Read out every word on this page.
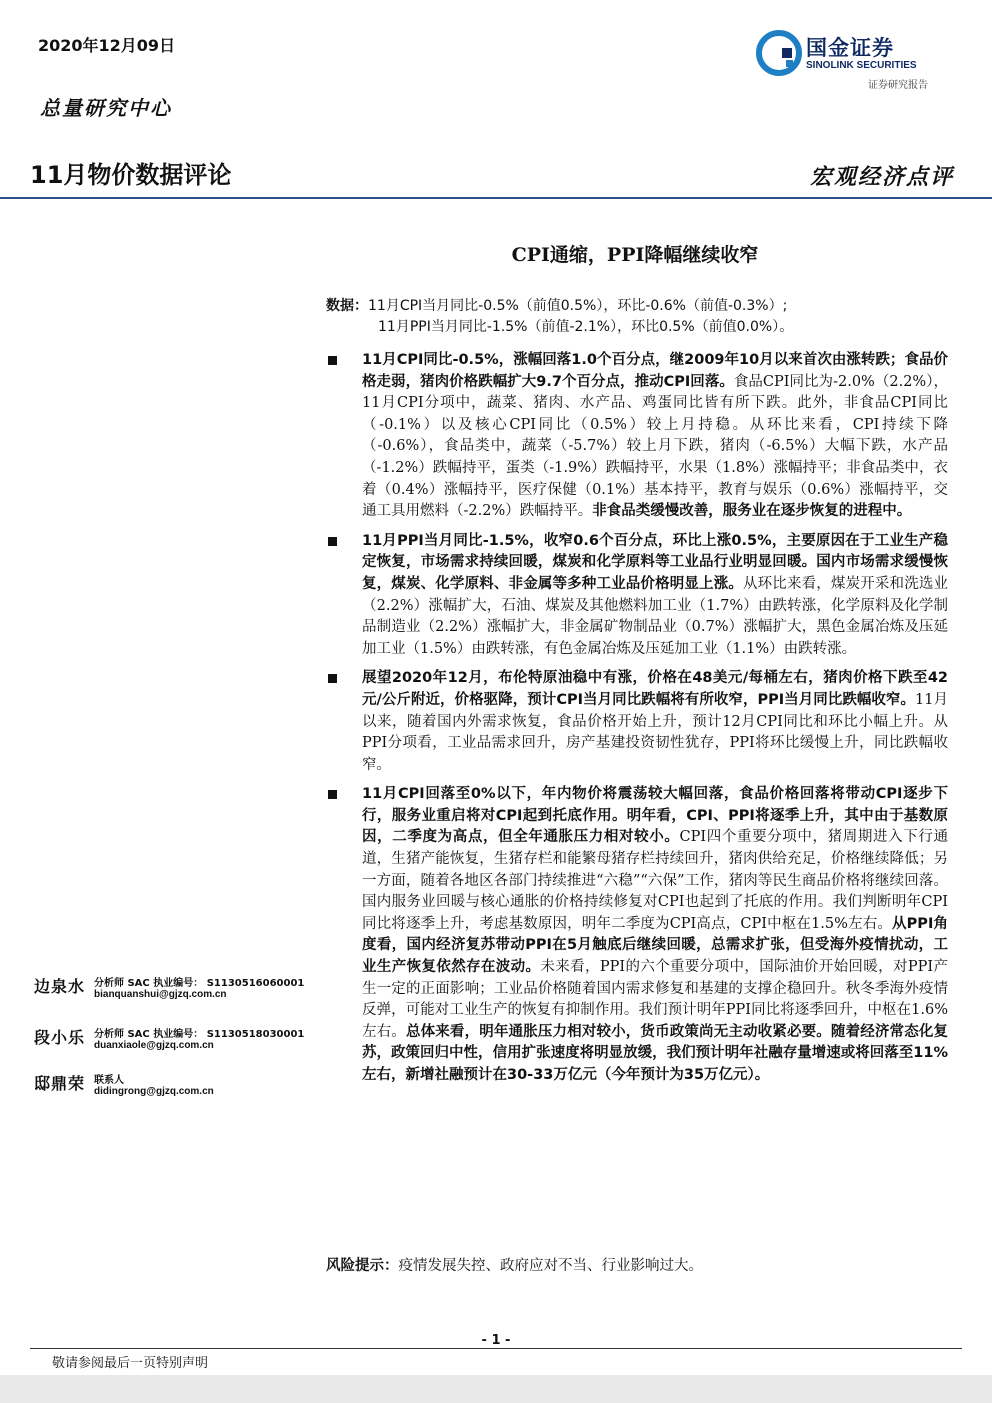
2020年12月09日
总量研究中心
国金证券
SINOLINK SECURITIES
证券研究报告
11月物价数据评论	宏观经济点评
CPI通缩，PPI降幅继续收窄
数据：11月CPI当月同比-0.5%（前值0.5%），环比-0.6%（前值-0.3%）;
11月PPI当月同比-1.5%（前值-2.1%），环比0.5%（前值0.0%）。
11月CPI同比-0.5%，涨幅回落1.0个百分点，继2009年10月以来首次由涨转跌；食品价格走弱，猪肉价格跌幅扩大9.7个百分点，推动CPI回落。食品CPI同比为-2.0%（2.2%），11月CPI分项中，蔬菜、猪肉、水产品、鸡蛋同比皆有所下跌。此外，非食品CPI同比（-0.1%）以及核心CPI同比（0.5%）较上月持稳。从环比来看，CPI持续下降（-0.6%），食品类中，蔬菜（-5.7%）较上月下跌，猪肉（-6.5%）大幅下跌，水产品（-1.2%）跌幅持平，蛋类（-1.9%）跌幅持平，水果（1.8%）涨幅持平；非食品类中，衣着（0.4%）涨幅持平，医疗保健（0.1%）基本持平，教育与娱乐（0.6%）涨幅持平，交通工具用燃料（-2.2%）跌幅持平。非食品类缓慢改善，服务业在逐步恢复的进程中。
11月PPI当月同比-1.5%，收窄0.6个百分点，环比上涨0.5%，主要原因在于工业生产稳定恢复，市场需求持续回暖，煤炭和化学原料等工业品行业明显回暖。国内市场需求缓慢恢复，煤炭、化学原料、非金属等多种工业品价格明显上涨。从环比来看，煤炭开采和洗选业（2.2%）涨幅扩大，石油、煤炭及其他燃料加工业（1.7%）由跌转涨，化学原料及化学制品制造业（2.2%）涨幅扩大，非金属矿物制品业（0.7%）涨幅扩大，黑色金属冶炼及压延加工业（1.5%）由跌转涨，有色金属冶炼及压延加工业（1.1%）由跌转涨。
展望2020年12月，布伦特原油稳中有涨，价格在48美元/每桶左右，猪肉价格下跌至42元/公斤附近，价格驱降，预计CPI当月同比跌幅将有所收窄，PPI当月同比跌幅收窄。11月以来，随着国内外需求恢复，食品价格开始上升，预计12月CPI同比和环比小幅上升。从PPI分项看，工业品需求回升，房产基建投资韧性犹存，PPI将环比缓慢上升，同比跌幅收窄。
11月CPI回落至0%以下，年内物价将震荡较大幅回落，食品价格回落将带动CPI逐步下行，服务业重启将对CPI起到托底作用。明年看，CPI、PPI将逐季上升，其中由于基数原因，二季度为高点，但全年通胀压力相对较小。CPI四个重要分项中，猪周期进入下行通道，生猪产能恢复，生猪存栏和能繁母猪存栏持续回升，猪肉供给充足，价格继续降低；另一方面，随着各地区各部门持续推进“六稳”“六保”工作，猪肉等民生商品价格将继续回落。国内服务业回暖与核心通胀的价格持续修复对CPI也起到了托底的作用。我们判断明年CPI同比将逐季上升，考虑基数原因，明年二季度为CPI高点，CPI中枢在1.5%左右。从PPI角度看，国内经济复苏带动PPI在5月触底后继续回暖，总需求扩张，但受海外疫情扰动，工业生产恢复依然存在波动。未来看，PPI的六个重要分项中，国际油价开始回暖，对PPI产生一定的正面影响；工业品价格随着国内需求修复和基建的支撑企稳回升。秋冬季海外疫情反弹，可能对工业生产的恢复有抑制作用。我们预计明年PPI同比将逐季回升，中枢在1.6%左右。总体来看，明年通胀压力相对较小，货币政策尚无主动收紧必要。随着经济常态化复苏，政策回归中性，信用扩张速度将明显放缓，我们预计明年社融存量增速或将回落至11%左右，新增社融预计在30-33万亿元（今年预计为35万亿元）。
风险提示：疫情发展失控、政府应对不当、行业影响过大。
边泉水 分析师 SAC 执业编号： S1130516060001
bianquanshui@gjzq.com.cn
段小乐 分析师 SAC 执业编号： S1130518030001
duanxiaole@gjzq.com.cn
邸鼎荣 联系人
didingrong@gjzq.com.cn
- 1 -
敬请参阅最后一页特别声明
